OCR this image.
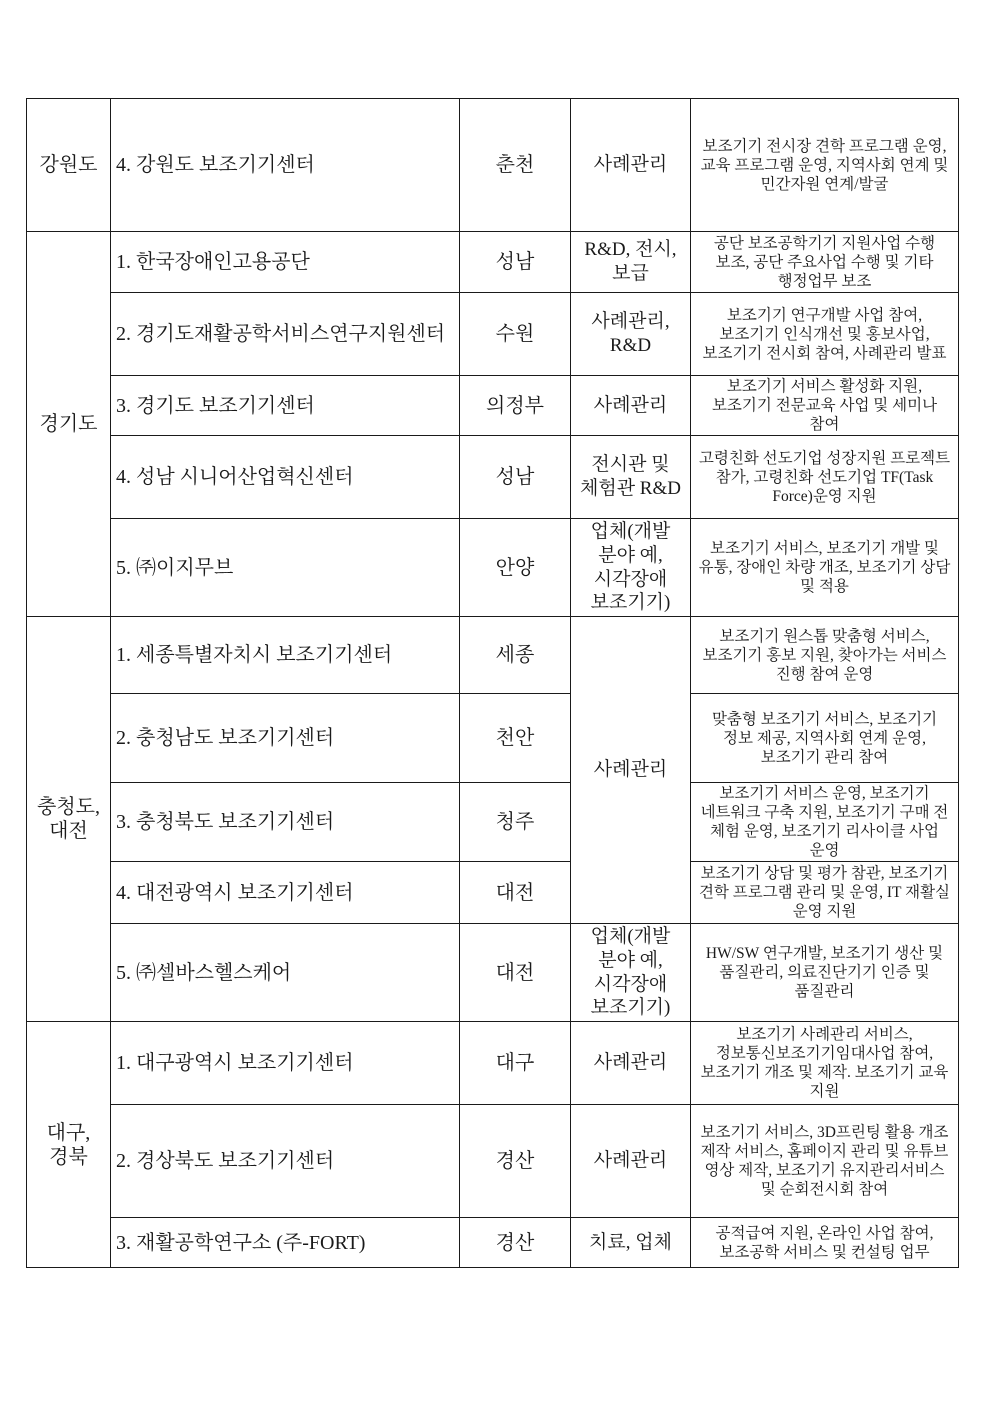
강원도	4. 강원도 보조기기센터	춘천	사례관리	보조기기 전시장 견학 프로그램 운영, 교육 프로그램 운영, 지역사회 연계 및 민간자원 연계/발굴
경기도	1. 한국장애인고용공단	성남	R&D, 전시, 보급	공단 보조공학기기 지원사업 수행 보조, 공단 주요사업 수행 및 기타 행정업무 보조
	2. 경기도재활공학서비스연구지원센터	수원	사례관리, R&D	보조기기 연구개발 사업 참여, 보조기기 인식개선 및 홍보사업, 보조기기 전시회 참여, 사례관리 발표
	3. 경기도 보조기기센터	의정부	사례관리	보조기기 서비스 활성화 지원, 보조기기 전문교육 사업 및 세미나 참여
	4. 성남 시니어산업혁신센터	성남	전시관 및 체험관 R&D	고령친화 선도기업 성장지원 프로젝트 참가, 고령친화 선도기업 TF(Task Force)운영 지원
	5. ㈜이지무브	안양	업체(개발 분야 예, 시각장애 보조기기)	보조기기 서비스, 보조기기 개발 및 유통, 장애인 차량 개조, 보조기기 상담 및 적용
충청도, 대전	1. 세종특별자치시 보조기기센터	세종	사례관리	보조기기 원스톱 맞춤형 서비스, 보조기기 홍보 지원, 찾아가는 서비스 진행 참여 운영
	2. 충청남도 보조기기센터	천안		맞춤형 보조기기 서비스, 보조기기 정보 제공, 지역사회 연계 운영, 보조기기 관리 참여
	3. 충청북도 보조기기센터	청주		보조기기 서비스 운영, 보조기기 네트워크 구축 지원, 보조기기 구매 전 체험 운영, 보조기기 리사이클 사업 운영
	4. 대전광역시 보조기기센터	대전		보조기기 상담 및 평가 참관, 보조기기 견학 프로그램 관리 및 운영, IT 재활실 운영 지원
	5. ㈜셀바스헬스케어	대전	업체(개발 분야 예, 시각장애 보조기기)	HW/SW 연구개발, 보조기기 생산 및 품질관리, 의료진단기기 인증 및 품질관리
대구, 경북	1. 대구광역시 보조기기센터	대구	사례관리	보조기기 사례관리 서비스, 정보통신보조기기임대사업 참여, 보조기기 개조 및 제작. 보조기기 교육 지원
	2. 경상북도 보조기기센터	경산	사례관리	보조기기 서비스, 3D프린팅 활용 개조 제작 서비스, 홈페이지 관리 및 유튜브 영상 제작, 보조기기 유지관리서비스 및 순회전시회 참여
	3. 재활공학연구소 (주-FORT)	경산	치료, 업체	공적급여 지원, 온라인 사업 참여, 보조공학 서비스 및 컨설팅 업무
